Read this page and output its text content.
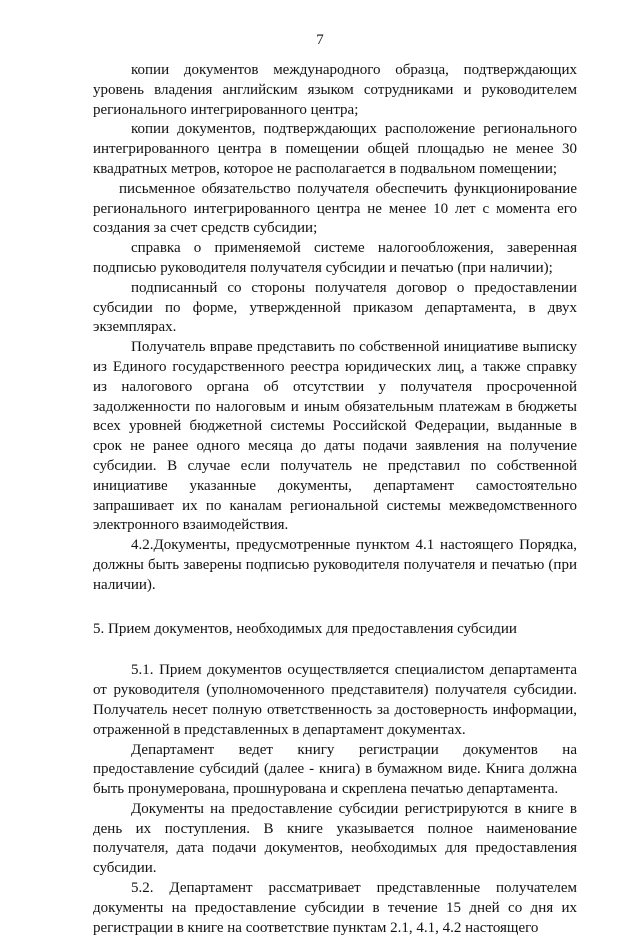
7

копии документов международного образца, подтверждающих уровень владения английским языком сотрудниками и руководителем регионального интегрированного центра;

копии документов, подтверждающих расположение регионального интегрированного центра в помещении общей площадью не менее 30 квадратных метров, которое не располагается в подвальном помещении;

письменное обязательство получателя обеспечить функционирование регионального интегрированного центра не менее 10 лет с момента его создания за счет средств субсидии;

справка о применяемой системе налогообложения, заверенная подписью руководителя получателя субсидии и печатью (при наличии);

подписанный со стороны получателя договор о предоставлении субсидии по форме, утвержденной приказом департамента, в двух экземплярах.

Получатель вправе представить по собственной инициативе выписку из Единого государственного реестра юридических лиц, а также справку из налогового органа об отсутствии у получателя просроченной задолженности по налоговым и иным обязательным платежам в бюджеты всех уровней бюджетной системы Российской Федерации, выданные в срок не ранее одного месяца до даты подачи заявления на получение субсидии. В случае если получатель не представил по собственной инициативе указанные документы, департамент самостоятельно запрашивает их по каналам региональной системы межведомственного электронного взаимодействия.

4.2.Документы, предусмотренные пунктом 4.1 настоящего Порядка, должны быть заверены подписью руководителя получателя и печатью (при наличии).

5. Прием документов, необходимых для предоставления субсидии

5.1. Прием документов осуществляется специалистом департамента от руководителя (уполномоченного представителя) получателя субсидии. Получатель несет полную ответственность за достоверность информации, отраженной в представленных в департамент документах.

Департамент ведет книгу регистрации документов на предоставление субсидий (далее - книга) в бумажном виде. Книга должна быть пронумерована, прошнурована и скреплена печатью департамента.

Документы на предоставление субсидии регистрируются в книге в день их поступления. В книге указывается полное наименование получателя, дата подачи документов, необходимых для предоставления субсидии.

5.2. Департамент рассматривает представленные получателем документы на предоставление субсидии в течение 15 дней со дня их регистрации в книге на соответствие пунктам 2.1, 4.1, 4.2 настоящего
